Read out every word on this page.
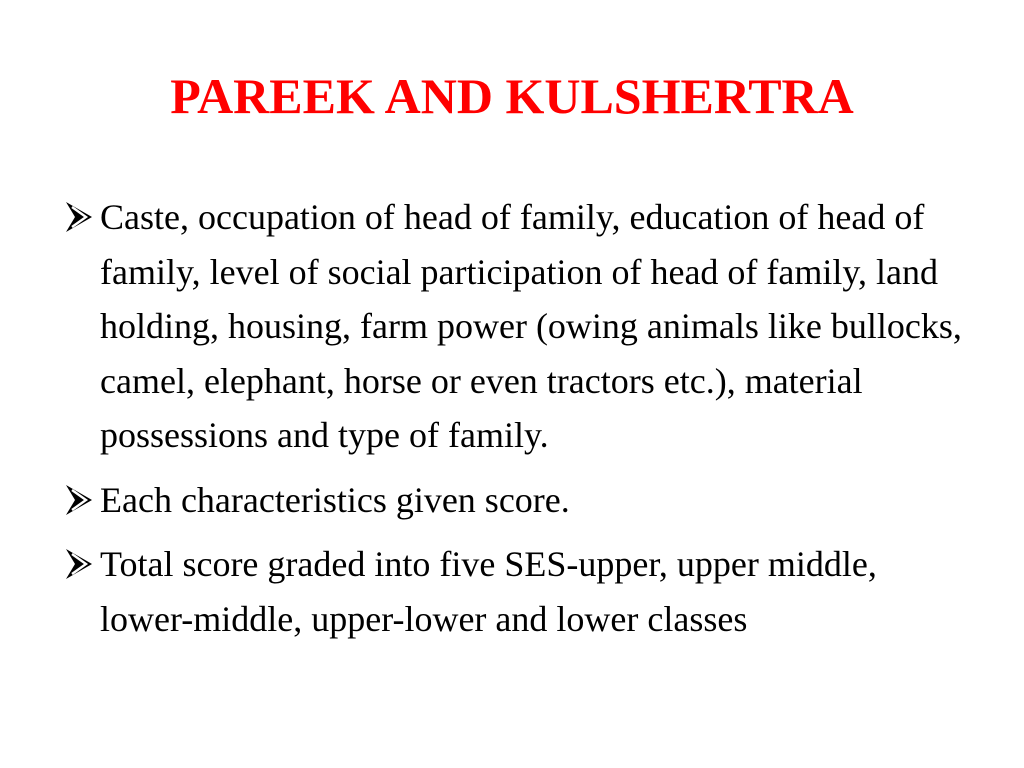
PAREEK AND KULSHERTRA
Caste, occupation of head of family, education of head of family, level of social participation of head of family, land holding, housing, farm power (owing animals like bullocks, camel, elephant, horse or even tractors etc.), material possessions and type of family.
Each characteristics given score.
Total score graded into five SES-upper, upper middle, lower-middle, upper-lower and lower classes
